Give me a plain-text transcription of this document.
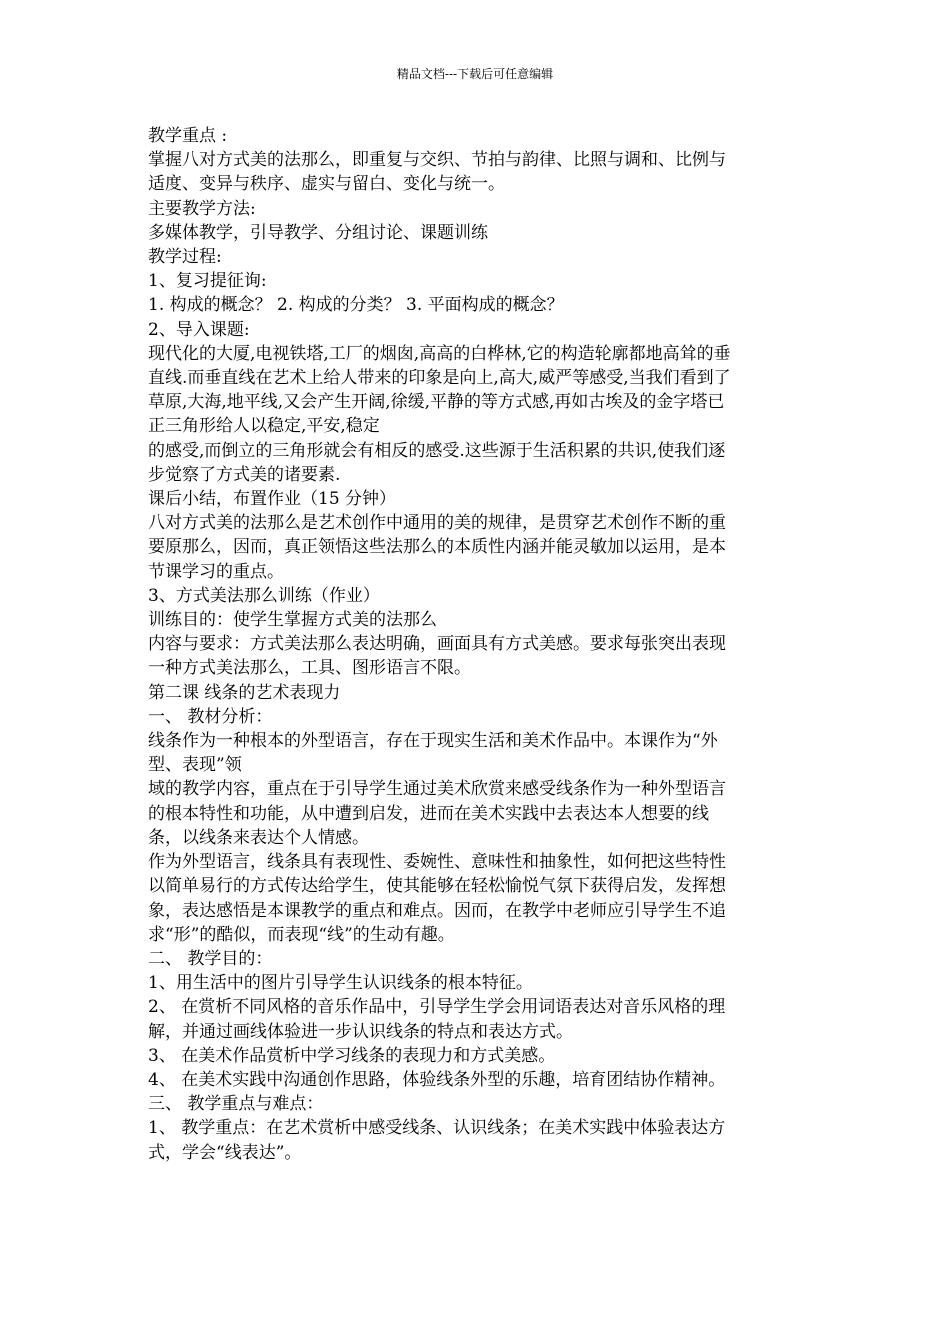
精品文档---下载后可任意编辑
教学重点 :
掌握八对方式美的法那么，即重复与交织、节拍与韵律、比照与调和、比例与
适度、变异与秩序、虚实与留白、变化与统一。
主要教学方法:
多媒体教学，引导教学、分组讨论、课题训练
教学过程:
1、复习提征询:
1. 构成的概念？ 2. 构成的分类？ 3. 平面构成的概念？
2、导入课题:
现代化的大厦,电视铁塔,工厂的烟囱,高高的白桦林,它的构造轮廓都地高耸的垂
直线.而垂直线在艺术上给人带来的印象是向上,高大,威严等感受,当我们看到了
草原,大海,地平线,又会产生开阔,徐缓,平静的等方式感,再如古埃及的金字塔已
正三角形给人以稳定,平安,稳定
的感受,而倒立的三角形就会有相反的感受.这些源于生活积累的共识,使我们逐
步觉察了方式美的诸要素.
课后小结，布置作业（15 分钟）
八对方式美的法那么是艺术创作中通用的美的规律，是贯穿艺术创作不断的重
要原那么，因而，真正领悟这些法那么的本质性内涵并能灵敏加以运用，是本
节课学习的重点。
3、方式美法那么训练（作业）
训练目的：使学生掌握方式美的法那么
内容与要求：方式美法那么表达明确，画面具有方式美感。要求每张突出表现
一种方式美法那么，工具、图形语言不限。
第二课 线条的艺术表现力
一、 教材分析：
线条作为一种根本的外型语言，存在于现实生活和美术作品中。本课作为“外
型、表现”领
域的教学内容，重点在于引导学生通过美术欣赏来感受线条作为一种外型语言
的根本特性和功能，从中遭到启发，进而在美术实践中去表达本人想要的线
条，以线条来表达个人情感。
作为外型语言，线条具有表现性、委婉性、意味性和抽象性，如何把这些特性
以简单易行的方式传达给学生，使其能够在轻松愉悦气氛下获得启发，发挥想
象，表达感悟是本课教学的重点和难点。因而，在教学中老师应引导学生不追
求“形”的酷似，而表现“线”的生动有趣。
二、 教学目的：
1、用生活中的图片引导学生认识线条的根本特征。
2、 在赏析不同风格的音乐作品中，引导学生学会用词语表达对音乐风格的理
解，并通过画线体验进一步认识线条的特点和表达方式。
3、 在美术作品赏析中学习线条的表现力和方式美感。
4、 在美术实践中沟通创作思路，体验线条外型的乐趣，培育团结协作精神。
三、 教学重点与难点：
1、 教学重点：在艺术赏析中感受线条、认识线条；在美术实践中体验表达方
式，学会“线表达”。
